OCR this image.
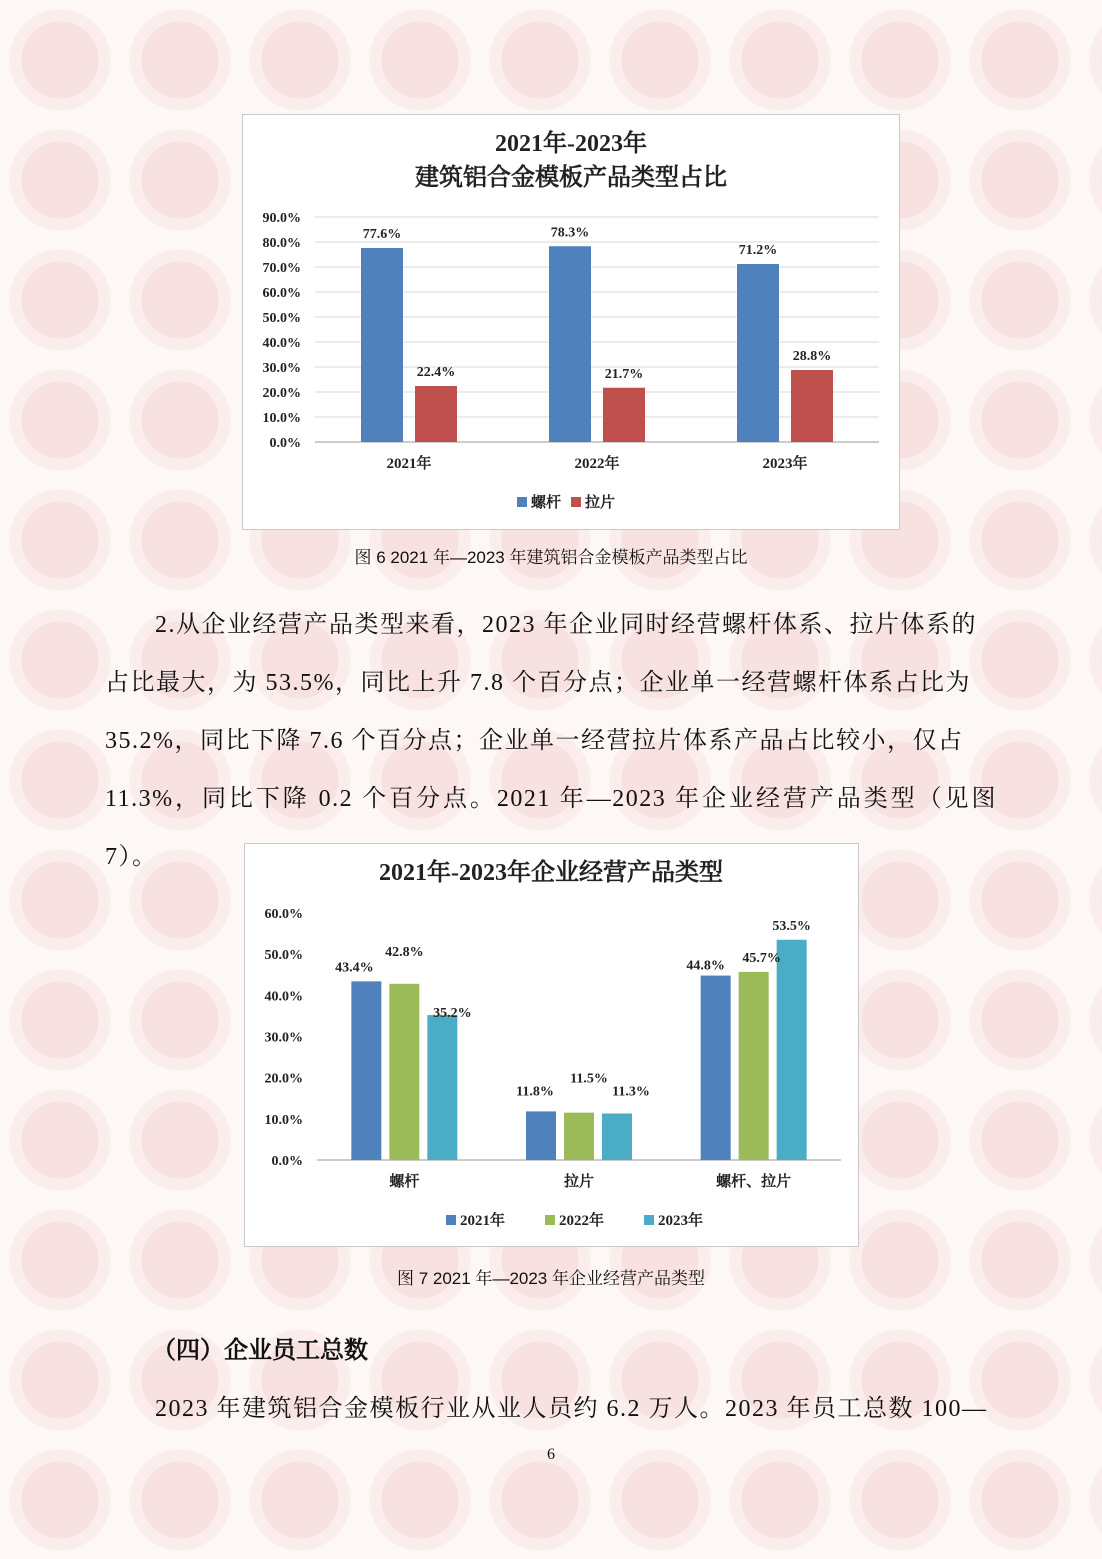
2021年-2023年
建筑铝合金模板产品类型占比
0.0%
10.0%
20.0%
30.0%
40.0%
50.0%
60.0%
70.0%
80.0%
90.0%
77.6%
22.4%
78.3%
21.7%
71.2%
28.8%
2021年	2022年	2023年
螺杆 拉片
图 6 2021 年—2023 年建筑铝合金模板产品类型占比

2.从企业经营产品类型来看，2023 年企业同时经营螺杆体系、拉片体系的

占比最大，为 53.5%，同比上升 7.8 个百分点；企业单一经营螺杆体系占比为

35.2%，同比下降 7.6 个百分点；企业单一经营拉片体系产品占比较小，仅占

11.3%，同比下降 0.2 个百分点。2021 年—2023 年企业经营产品类型（见图 7）。

2021年-2023年企业经营产品类型
0.0%
10.0%
20.0%
30.0%
40.0%
50.0%
60.0%
43.4%
42.8%
35.2%
11.8%
11.5%
11.3%
44.8%
45.7%
53.5%
螺杆	拉片	螺杆、拉片
2021年	2022年	2023年
图 7 2021 年—2023 年企业经营产品类型
（四）企业员工总数
2023 年建筑铝合金模板行业从业人员约 6.2 万人。2023 年员工总数 100—
6
